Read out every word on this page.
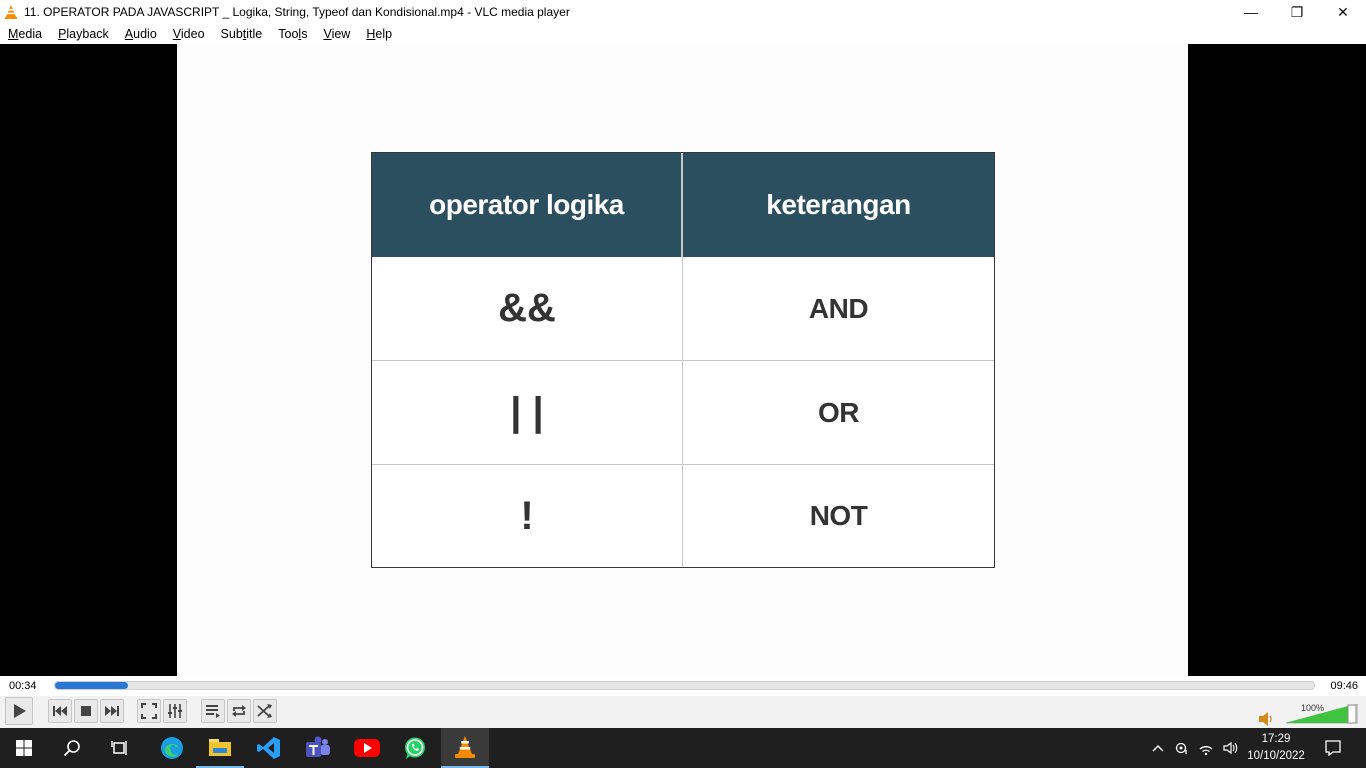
11. OPERATOR PADA JAVASCRIPT _ Logika, String, Typeof dan Kondisional.mp4 - VLC media player	—	❐	✕
Media Playback Audio Video Subtitle Tools View Help
operator logika	keterangan
&&	AND
| |	OR
!	NOT
00:34	09:46
100%
17:29
10/10/2022
